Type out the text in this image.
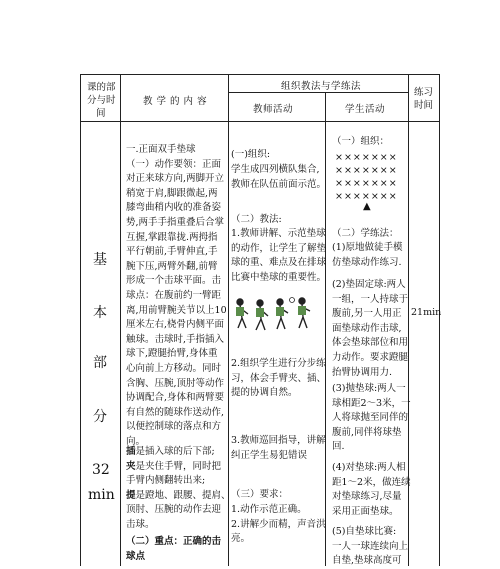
课的部
分与时
间
教 学 的 内 容
组织教法与学练法
教师活动	学生活动
练习
时间
基
本
部
分
32
min
一.正面双手垫球
（一）动作要领：正面
对正来球方向,两脚开立
稍宽于肩,脚跟微起,两
膝弯曲稍内收的准备姿
势,两手手指重叠后合掌
互握,掌跟靠拢.两拇指
平行朝前,手臂伸直,手
腕下压,两臂外翻,前臂
形成一个击球平面。击
球点：在腹前约一臂距
离,用前臂腕关节以上10
厘米左右,桡骨内侧平面
触球。击球时,手指插入
球下,蹬腿抬臂,身体重
心向前上方移动。同时
含胸、压腕,顶肘等动作
协调配合,身体和两臂要
有自然的随球作送动作,
以便控制球的落点和方
向。
插是插入球的后下部;
夹是夹住手臂，同时把
手臂内侧翻转出来;
提是蹬地、跟腰、提肩、
顶肘、压腕的动作去迎
击球。
（二）重点：正确的击
球点
(一)组织:
学生成四列横队集合,
教师在队伍前面示范。
（二）教法:
1.教师讲解、示范垫球
的动作，让学生了解垫
球的重、难点及在排球
比赛中垫球的重要性。
2.组织学生进行分步练
习，体会手臂夹、插、
提的协调自然。
3.教师巡回指导，讲解
纠正学生易犯错误
（三）要求：
1.动作示范正确。
2.讲解少而精，声音洪
亮。
（一）组织：
×××××××
×××××××
×××××××
×××××××
▲
（二）学练法：
(1)原地做徒手模
仿垫球动作练习.
(2)垫固定球:两人
一组，一人持球于
腹前,另一人用正
面垫球动作击球,
体会垫球部位和用
力动作。要求蹬腿
抬臂协调用力.
(3)抛垫球:两人一
球相距2～3米，一
人将球抛至同伴的
腹前,同伴将球垫
回.
(4)对垫球:两人相
距1～2米，做连续
对垫球练习,尽量
采用正面垫球。
(5)自垫球比赛:
一人一球连续向上
自垫,垫球高度可
21min
